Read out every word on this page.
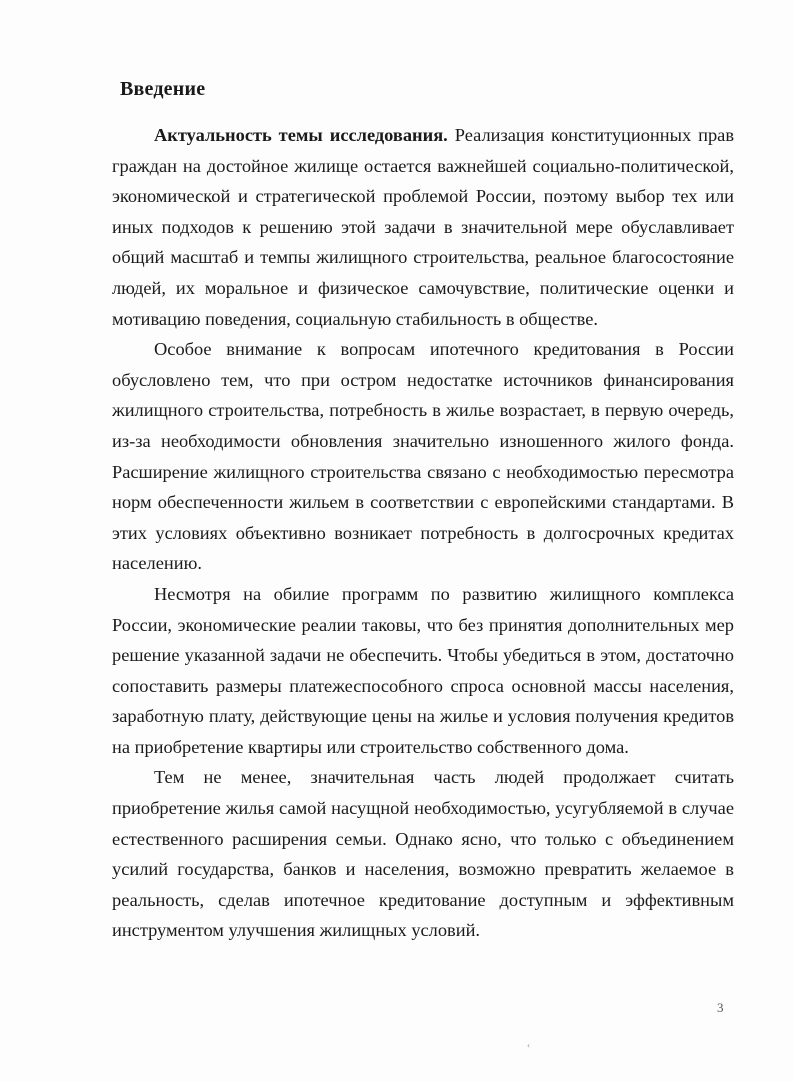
Введение

Актуальность темы исследования. Реализация конституционных прав граждан на достойное жилище остается важнейшей социально-политической, экономической и стратегической проблемой России, поэтому выбор тех или иных подходов к решению этой задачи в значительной мере обуславливает общий масштаб и темпы жилищного строительства, реальное благосостояние людей, их моральное и физическое самочувствие, политические оценки и мотивацию поведения, социальную стабильность в обществе.

Особое внимание к вопросам ипотечного кредитования в России обусловлено тем, что при остром недостатке источников финансирования жилищного строительства, потребность в жилье возрастает, в первую очередь, из-за необходимости обновления значительно изношенного жилого фонда. Расширение жилищного строительства связано с необходимостью пересмотра норм обеспеченности жильем в соответствии с европейскими стандартами. В этих условиях объективно возникает потребность в долгосрочных кредитах населению.

Несмотря на обилие программ по развитию жилищного комплекса России, экономические реалии таковы, что без принятия дополнительных мер решение указанной задачи не обеспечить. Чтобы убедиться в этом, достаточно сопоставить размеры платежеспособного спроса основной массы населения, заработную плату, действующие цены на жилье и условия получения кредитов на приобретение квартиры или строительство собственного дома.

Тем не менее, значительная часть людей продолжает считать приобретение жилья самой насущной необходимостью, усугубляемой в случае естественного расширения семьи. Однако ясно, что только с объединением усилий государства, банков и населения, возможно превратить желаемое в реальность, сделав ипотечное кредитование доступным и эффективным инструментом улучшения жилищных условий.

3
‹
